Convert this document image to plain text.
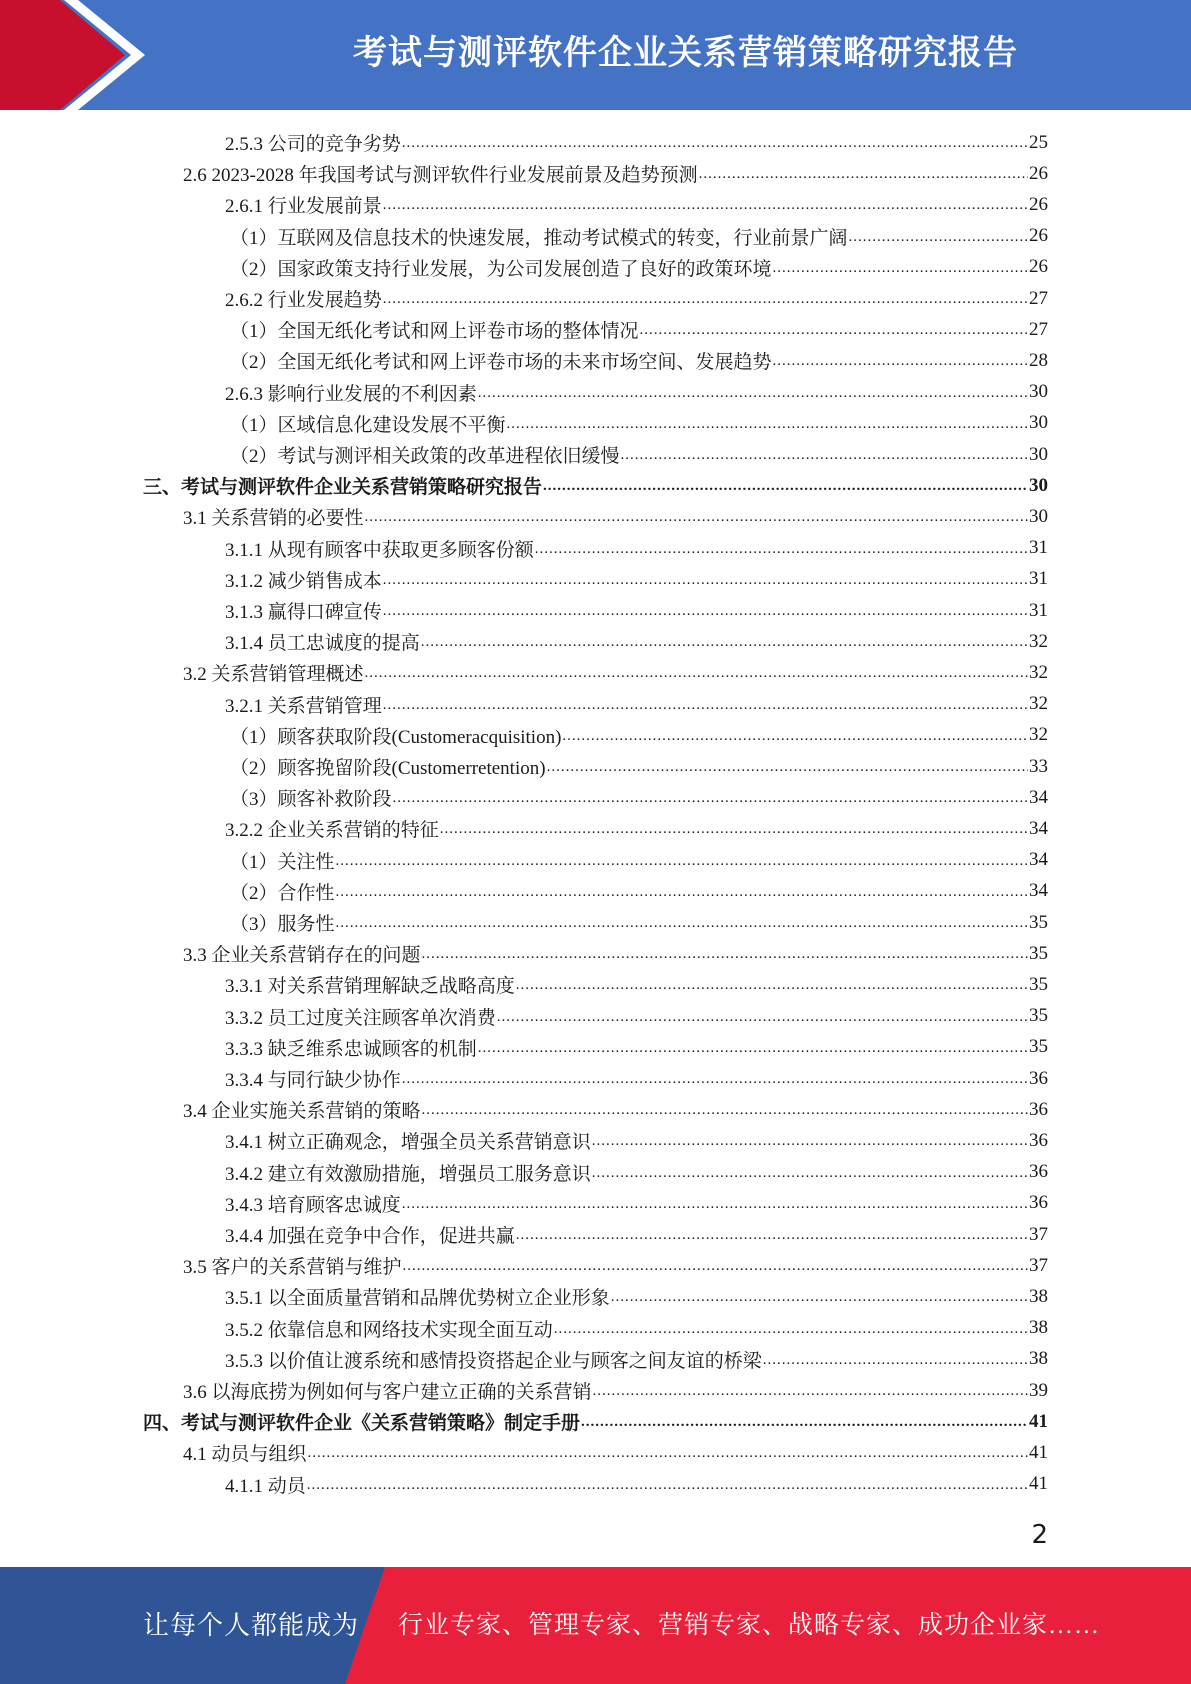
考试与测评软件企业关系营销策略研究报告
2.5.3 公司的竞争劣势 .....	25
2.6 2023-2028 年我国考试与测评软件行业发展前景及趋势预测 .....	26
2.6.1 行业发展前景 .....	26
（1）互联网及信息技术的快速发展，推动考试模式的转变，行业前景广阔 .....	26
（2）国家政策支持行业发展，为公司发展创造了良好的政策环境 .....	26
2.6.2 行业发展趋势 .....	27
（1）全国无纸化考试和网上评卷市场的整体情况 .....	27
（2）全国无纸化考试和网上评卷市场的未来市场空间、发展趋势 .....	28
2.6.3 影响行业发展的不利因素 .....	30
（1）区域信息化建设发展不平衡 .....	30
（2）考试与测评相关政策的改革进程依旧缓慢 .....	30
三、考试与测评软件企业关系营销策略研究报告 .....	30
3.1 关系营销的必要性 .....	30
3.1.1 从现有顾客中获取更多顾客份额 .....	31
3.1.2 减少销售成本 .....	31
3.1.3 赢得口碑宣传 .....	31
3.1.4 员工忠诚度的提高 .....	32
3.2 关系营销管理概述 .....	32
3.2.1 关系营销管理 .....	32
（1）顾客获取阶段(Customeracquisition) .....	32
（2）顾客挽留阶段(Customerretention) .....	33
（3）顾客补救阶段 .....	34
3.2.2 企业关系营销的特征 .....	34
（1）关注性 .....	34
（2）合作性 .....	34
（3）服务性 .....	35
3.3 企业关系营销存在的问题 .....	35
3.3.1 对关系营销理解缺乏战略高度 .....	35
3.3.2 员工过度关注顾客单次消费 .....	35
3.3.3 缺乏维系忠诚顾客的机制 .....	35
3.3.4 与同行缺少协作 .....	36
3.4 企业实施关系营销的策略 .....	36
3.4.1 树立正确观念，增强全员关系营销意识 .....	36
3.4.2 建立有效激励措施，增强员工服务意识 .....	36
3.4.3 培育顾客忠诚度 .....	36
3.4.4 加强在竞争中合作，促进共赢 .....	37
3.5 客户的关系营销与维护 .....	37
3.5.1 以全面质量营销和品牌优势树立企业形象 .....	38
3.5.2 依靠信息和网络技术实现全面互动 .....	38
3.5.3 以价值让渡系统和感情投资搭起企业与顾客之间友谊的桥梁 .....	38
3.6 以海底捞为例如何与客户建立正确的关系营销 .....	39
四、考试与测评软件企业《关系营销策略》制定手册 .....	41
4.1 动员与组织 .....	41
4.1.1 动员 .....	41
2
让每个人都能成为 行业专家、管理专家、营销专家、战略专家、成功企业家……
